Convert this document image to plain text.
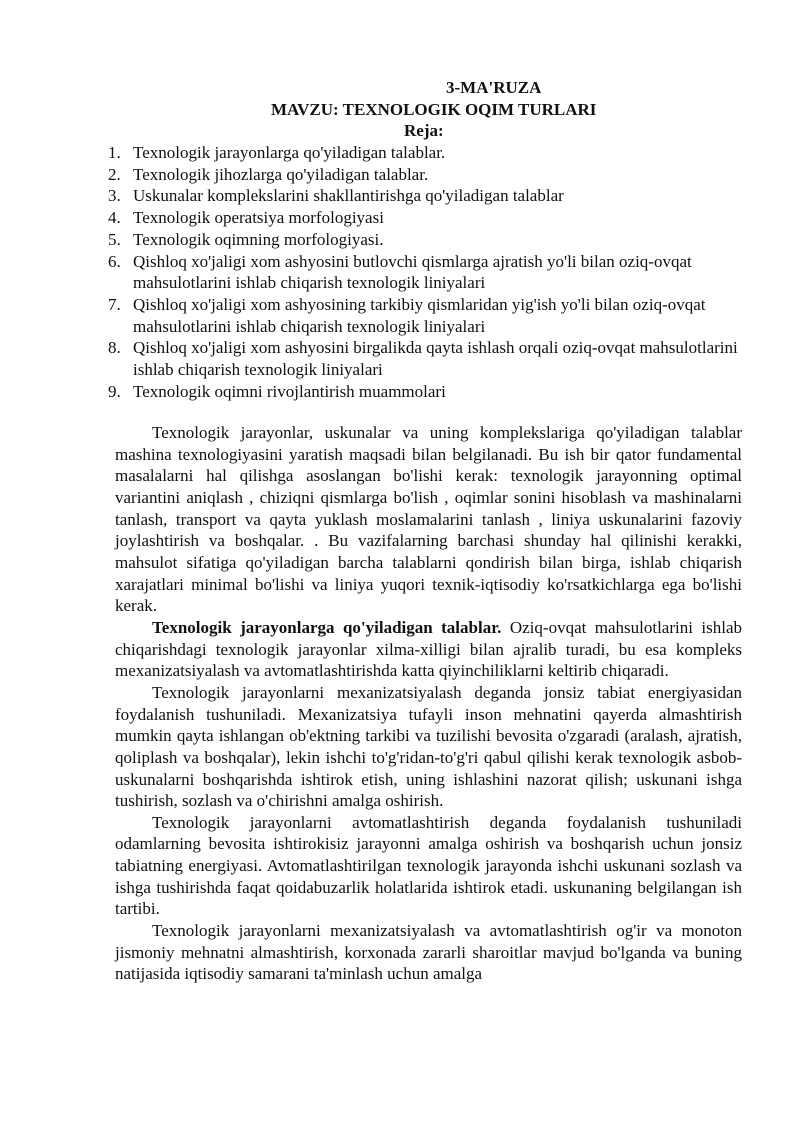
3-MA'RUZA
MAVZU: TEXNOLOGIK OQIM TURLARI
Reja:
1. Texnologik jarayonlarga qo'yiladigan talablar.
2. Texnologik jihozlarga qo'yiladigan talablar.
3. Uskunalar komplekslarini shakllantirishga qo'yiladigan talablar
4. Texnologik operatsiya morfologiyasi
5. Texnologik oqimning morfologiyasi.
6. Qishloq xo'jaligi xom ashyosini butlovchi qismlarga ajratish yo'li bilan oziq-ovqat mahsulotlarini ishlab chiqarish texnologik liniyalari
7. Qishloq xo'jaligi xom ashyosining tarkibiy qismlaridan yig'ish yo'li bilan oziq-ovqat mahsulotlarini ishlab chiqarish texnologik liniyalari
8. Qishloq xo'jaligi xom ashyosini birgalikda qayta ishlash orqali oziq-ovqat mahsulotlarini ishlab chiqarish texnologik liniyalari
9. Texnologik oqimni rivojlantirish muammolari

Texnologik jarayonlar, uskunalar va uning komplekslariga qo'yiladigan talablar mashina texnologiyasini yaratish maqsadi bilan belgilanadi. Bu ish bir qator fundamental masalalarni hal qilishga asoslangan bo'lishi kerak: texnologik jarayonning optimal variantini aniqlash , chiziqni qismlarga bo'lish , oqimlar sonini hisoblash va mashinalarni tanlash, transport va qayta yuklash moslamalarini tanlash , liniya uskunalarini fazoviy joylashtirish va boshqalar. . Bu vazifalarning barchasi shunday hal qilinishi kerakki, mahsulot sifatiga qo'yiladigan barcha talablarni qondirish bilan birga, ishlab chiqarish xarajatlari minimal bo'lishi va liniya yuqori texnik-iqtisodiy ko'rsatkichlarga ega bo'lishi kerak.

Texnologik jarayonlarga qo'yiladigan talablar. Oziq-ovqat mahsulotlarini ishlab chiqarishdagi texnologik jarayonlar xilma-xilligi bilan ajralib turadi, bu esa kompleks mexanizatsiyalash va avtomatlashtirishda katta qiyinchiliklarni keltirib chiqaradi.

Texnologik jarayonlarni mexanizatsiyalash deganda jonsiz tabiat energiyasidan foydalanish tushuniladi. Mexanizatsiya tufayli inson mehnatini qayerda almashtirish mumkin qayta ishlangan ob'ektning tarkibi va tuzilishi bevosita o'zgaradi (aralash, ajratish, qoliplash va boshqalar), lekin ishchi to'g'ridan-to'g'ri qabul qilishi kerak texnologik asbob-uskunalarni boshqarishda ishtirok etish, uning ishlashini nazorat qilish; uskunani ishga tushirish, sozlash va o'chirishni amalga oshirish.

Texnologik jarayonlarni avtomatlashtirish deganda foydalanish tushuniladi odamlarning bevosita ishtirokisiz jarayonni amalga oshirish va boshqarish uchun jonsiz tabiatning energiyasi. Avtomatlashtirilgan texnologik jarayonda ishchi uskunani sozlash va ishga tushirishda faqat qoidabuzarlik holatlarida ishtirok etadi. uskunaning belgilangan ish tartibi.

Texnologik jarayonlarni mexanizatsiyalash va avtomatlashtirish og'ir va monoton jismoniy mehnatni almashtirish, korxonada zararli sharoitlar mavjud bo'lganda va buning natijasida iqtisodiy samarani ta'minlash uchun amalga
